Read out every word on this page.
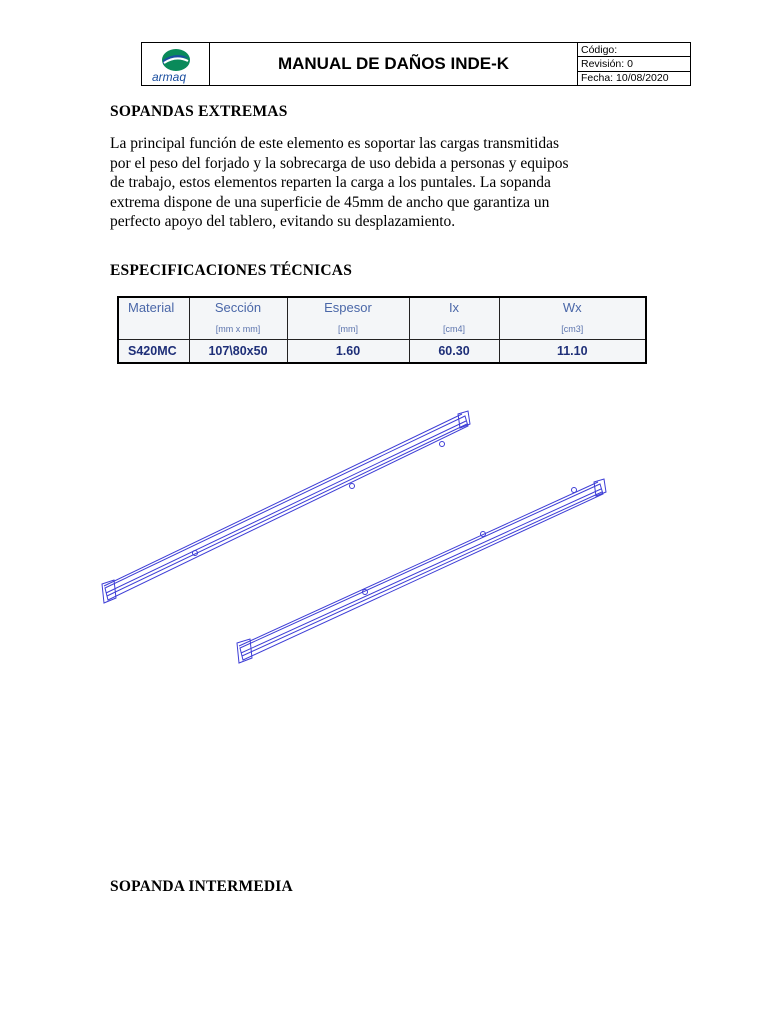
armaq
MANUAL DE DAÑOS INDE-K
Código:
Revisión: 0
Fecha: 10/08/2020
SOPANDAS EXTREMAS
La principal función de este elemento es soportar las cargas transmitidas
por el peso del forjado y la sobrecarga de uso debida a personas y equipos
de trabajo, estos elementos reparten la carga a los puntales. La sopanda
extrema dispone de una superficie de 45mm de ancho que garantiza un
perfecto apoyo del tablero, evitando su desplazamiento.
ESPECIFICACIONES TÉCNICAS
Material	Sección	Espesor	Ix	Wx
	[mm x mm]	[mm]	[cm4]	[cm3]
S420MC	107\80x50	1.60	60.30	11.10
SOPANDA INTERMEDIA
